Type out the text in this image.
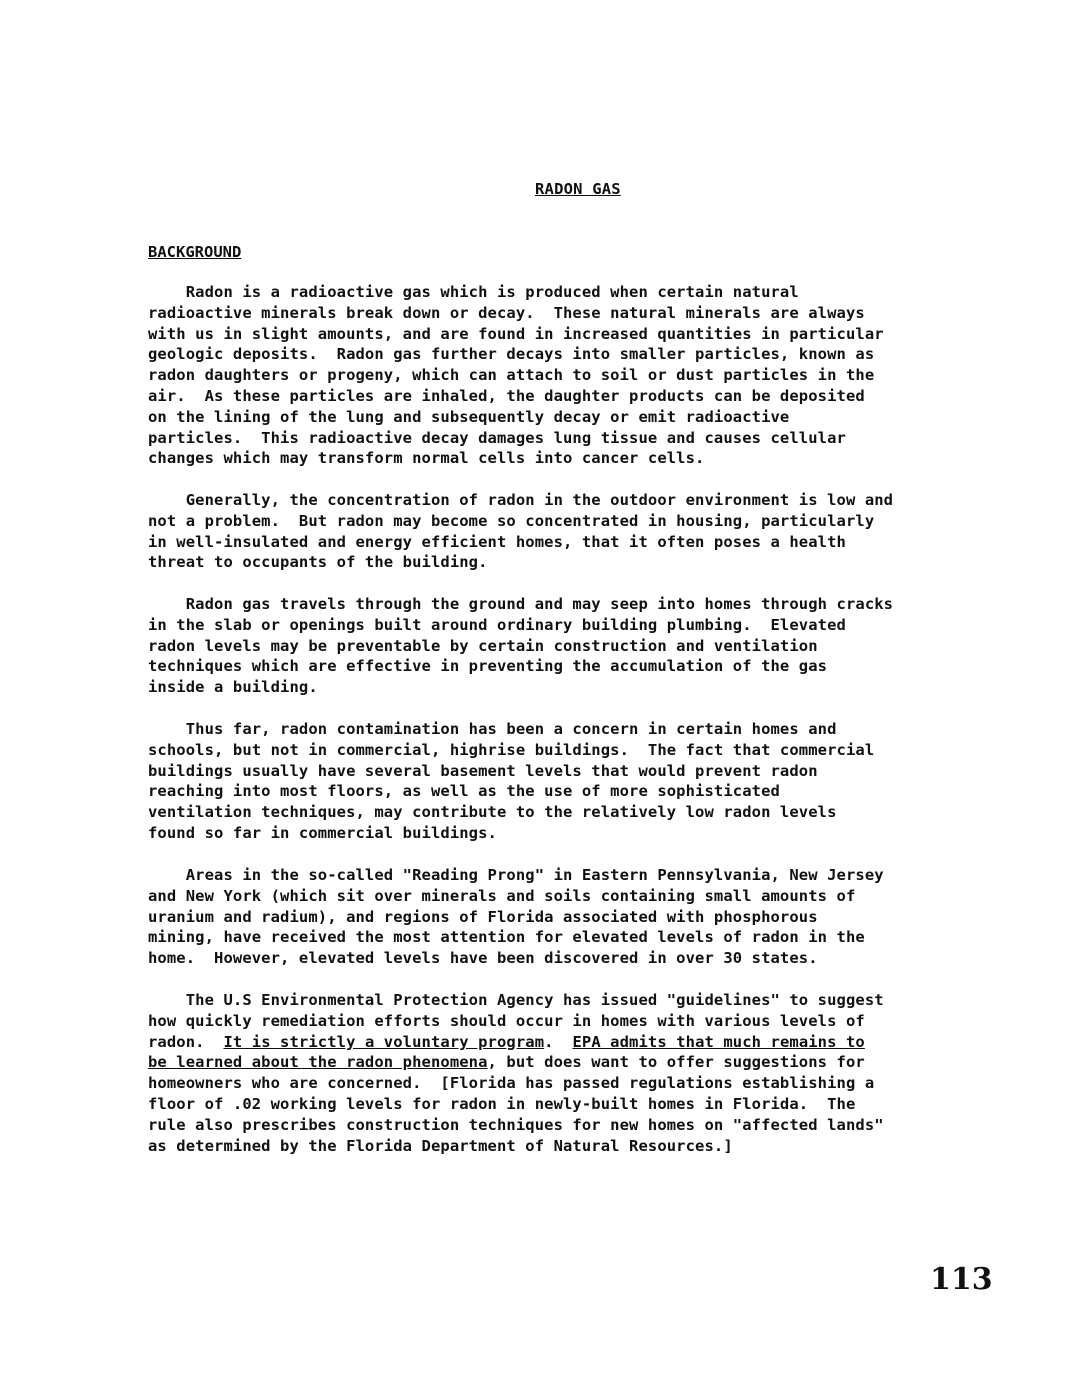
RADON GAS
BACKGROUND
Radon is a radioactive gas which is produced when certain natural
radioactive minerals break down or decay.  These natural minerals are always
with us in slight amounts, and are found in increased quantities in particular
geologic deposits.  Radon gas further decays into smaller particles, known as
radon daughters or progeny, which can attach to soil or dust particles in the
air.  As these particles are inhaled, the daughter products can be deposited
on the lining of the lung and subsequently decay or emit radioactive
particles.  This radioactive decay damages lung tissue and causes cellular
changes which may transform normal cells into cancer cells.
Generally, the concentration of radon in the outdoor environment is low and
not a problem.  But radon may become so concentrated in housing, particularly
in well-insulated and energy efficient homes, that it often poses a health
threat to occupants of the building.
Radon gas travels through the ground and may seep into homes through cracks
in the slab or openings built around ordinary building plumbing.  Elevated
radon levels may be preventable by certain construction and ventilation
techniques which are effective in preventing the accumulation of the gas
inside a building.
Thus far, radon contamination has been a concern in certain homes and
schools, but not in commercial, highrise buildings.  The fact that commercial
buildings usually have several basement levels that would prevent radon
reaching into most floors, as well as the use of more sophisticated
ventilation techniques, may contribute to the relatively low radon levels
found so far in commercial buildings.
Areas in the so-called "Reading Prong" in Eastern Pennsylvania, New Jersey
and New York (which sit over minerals and soils containing small amounts of
uranium and radium), and regions of Florida associated with phosphorous
mining, have received the most attention for elevated levels of radon in the
home.  However, elevated levels have been discovered in over 30 states.
The U.S Environmental Protection Agency has issued "guidelines" to suggest
how quickly remediation efforts should occur in homes with various levels of
radon.  It is strictly a voluntary program.  EPA admits that much remains to
be learned about the radon phenomena, but does want to offer suggestions for
homeowners who are concerned.  [Florida has passed regulations establishing a
floor of .02 working levels for radon in newly-built homes in Florida.  The
rule also prescribes construction techniques for new homes on "affected lands"
as determined by the Florida Department of Natural Resources.]
113
